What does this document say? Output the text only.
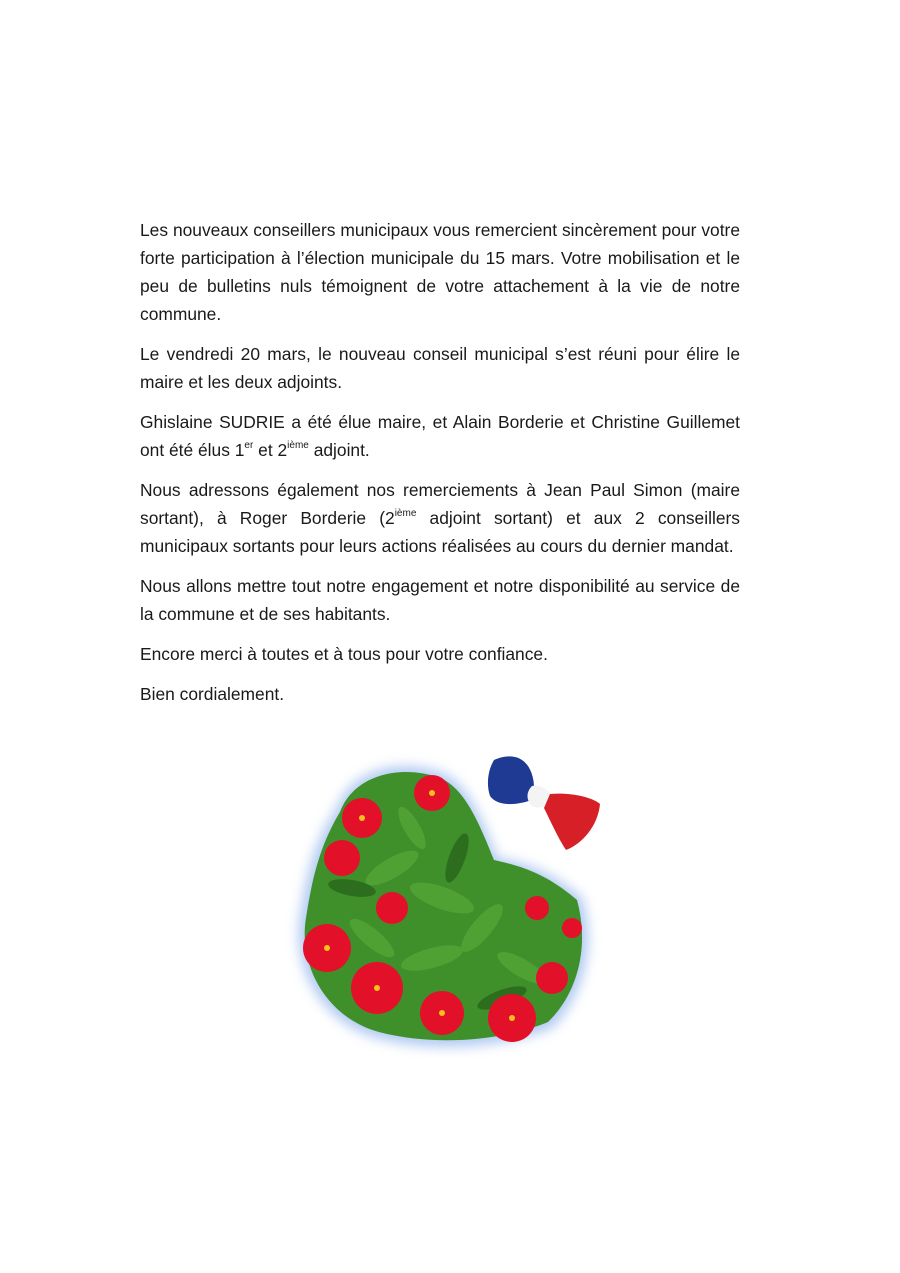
Les nouveaux conseillers municipaux vous remercient sincèrement pour votre forte participation à l’élection municipale du 15 mars. Votre mobilisation et le peu de bulletins nuls témoignent de votre attachement à la vie de notre commune.

Le vendredi 20 mars, le nouveau conseil municipal s’est réuni pour élire le maire et les deux adjoints.

Ghislaine SUDRIE a été élue maire, et Alain Borderie et Christine Guillemet ont été élus 1er et 2ième adjoint.

Nous adressons également nos remerciements à Jean Paul Simon (maire sortant), à Roger Borderie (2ième adjoint sortant) et aux 2 conseillers municipaux sortants pour leurs actions réalisées au cours du dernier mandat.

Nous allons mettre tout notre engagement et notre disponibilité au service de la commune et de ses habitants.

Encore merci à toutes et à tous pour votre confiance.

Bien cordialement.
